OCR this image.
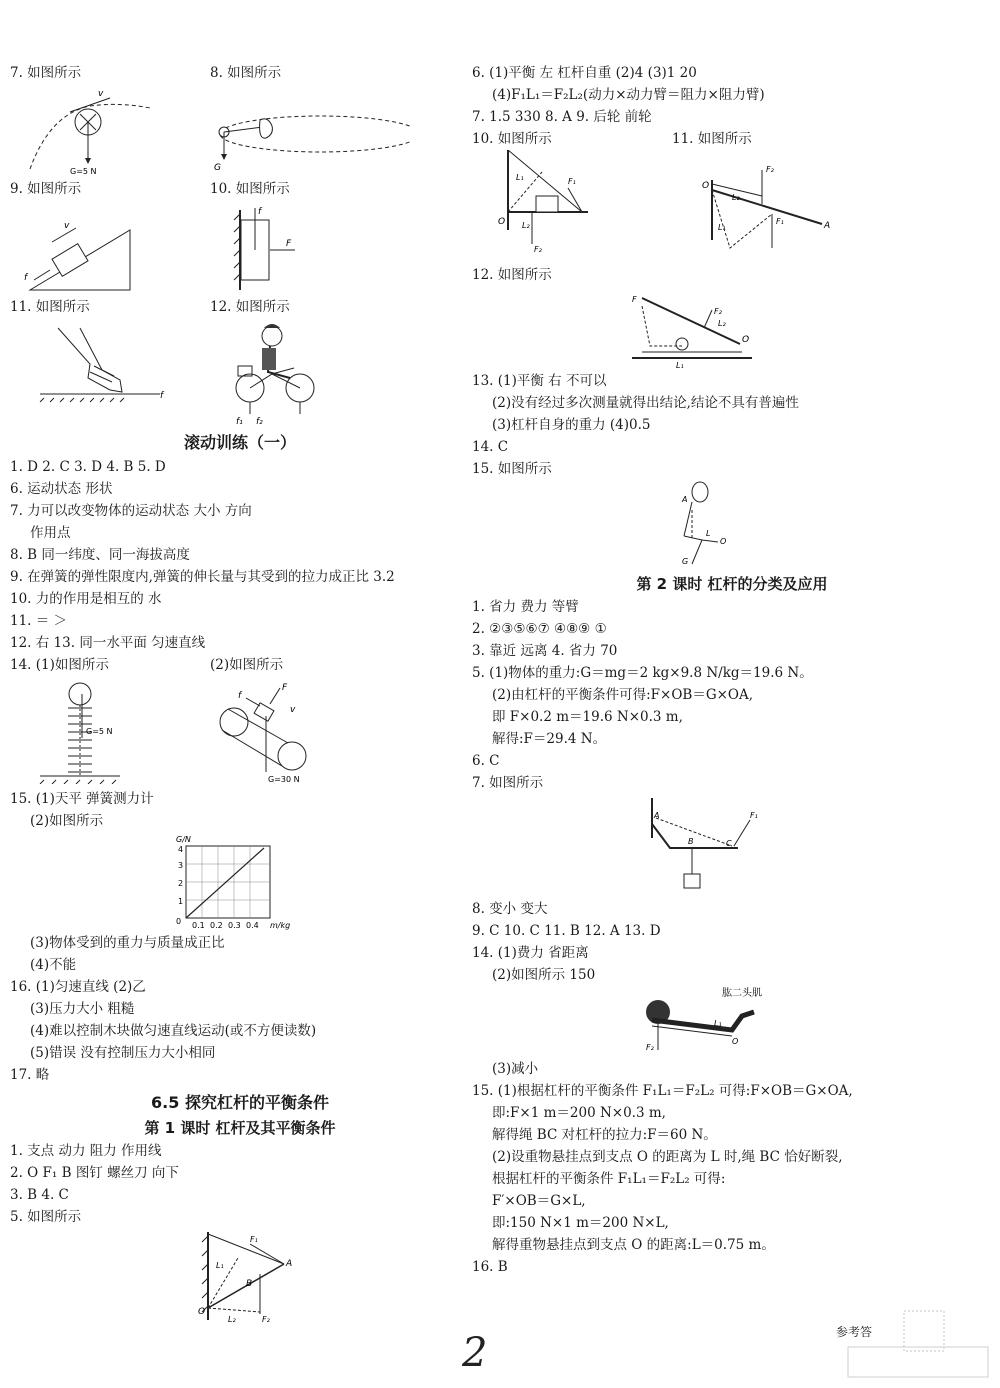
7. 如图所示
v
G=5 N
8. 如图所示
G
9. 如图所示
v
f
10. 如图所示
f
F
11. 如图所示
f
12. 如图所示
f₁ f₂
滚动训练（一）
1. D 2. C 3. D 4. B 5. D
6. 运动状态 形状
7. 力可以改变物体的运动状态 大小 方向
作用点
8. B 同一纬度、同一海拔高度
9. 在弹簧的弹性限度内,弹簧的伸长量与其受到的拉力成正比 3.2
10. 力的作用是相互的 水
11. ＝ ＞
12. 右 13. 同一水平面 匀速直线
14. (1)如图所示
G=5 N
(2)如图所示
F
f
v
G=30 N
15. (1)天平 弹簧测力计
(2)如图所示
G/N
4
3
2
1
0 0.1 0.2 0.3 0.4 m/kg
(3)物体受到的重力与质量成正比
(4)不能
16. (1)匀速直线 (2)乙
(3)压力大小 粗糙
(4)难以控制木块做匀速直线运动(或不方便读数)
(5)错误 没有控制压力大小相同
17. 略
6.5 探究杠杆的平衡条件
第 1 课时 杠杆及其平衡条件
1. 支点 动力 阻力 作用线
2. O F₁ B 图钉 螺丝刀 向下
3. B 4. C
5. 如图所示
O
A
B
F₁
F₂
L₁
L₂
6. (1)平衡 左 杠杆自重 (2)4 (3)1 20
(4)F₁L₁＝F₂L₂(动力×动力臂＝阻力×阻力臂)
7. 1.5 330 8. A 9. 后轮 前轮
10. 如图所示
F₁
F₂
L₁
L₂
O
11. 如图所示
O
A
F₂
F₁
L₁
L₂
12. 如图所示
F
F₂
L₂
O
L₁
13. (1)平衡 右 不可以
(2)没有经过多次测量就得出结论,结论不具有普遍性
(3)杠杆自身的重力 (4)0.5
14. C
15. 如图所示
A
L
O
G
第 2 课时 杠杆的分类及应用
1. 省力 费力 等臂
2. ②③⑤⑥⑦ ④⑧⑨ ①
3. 靠近 远离 4. 省力 70
5. (1)物体的重力:G＝mg＝2 kg×9.8 N/kg＝19.6 N。
(2)由杠杆的平衡条件可得:F×OB＝G×OA,
即 F×0.2 m＝19.6 N×0.3 m,
解得:F＝29.4 N。
6. C
7. 如图所示
A
B	C
F₁
8. 变小 变大
9. C 10. C 11. B 12. A 13. D
14. (1)费力 省距离
(2)如图所示 150
肱二头肌
F₂
L₁
O
(3)减小
15. (1)根据杠杆的平衡条件 F₁L₁＝F₂L₂ 可得:F×OB＝G×OA,
即:F×1 m＝200 N×0.3 m,
解得绳 BC 对杠杆的拉力:F＝60 N。
(2)设重物悬挂点到支点 O 的距离为 L 时,绳 BC 恰好断裂,
根据杠杆的平衡条件 F₁L₁＝F₂L₂ 可得:
F′×OB＝G×L,
即:150 N×1 m＝200 N×L,
解得重物悬挂点到支点 O 的距离:L＝0.75 m。
16. B
参考答
2
